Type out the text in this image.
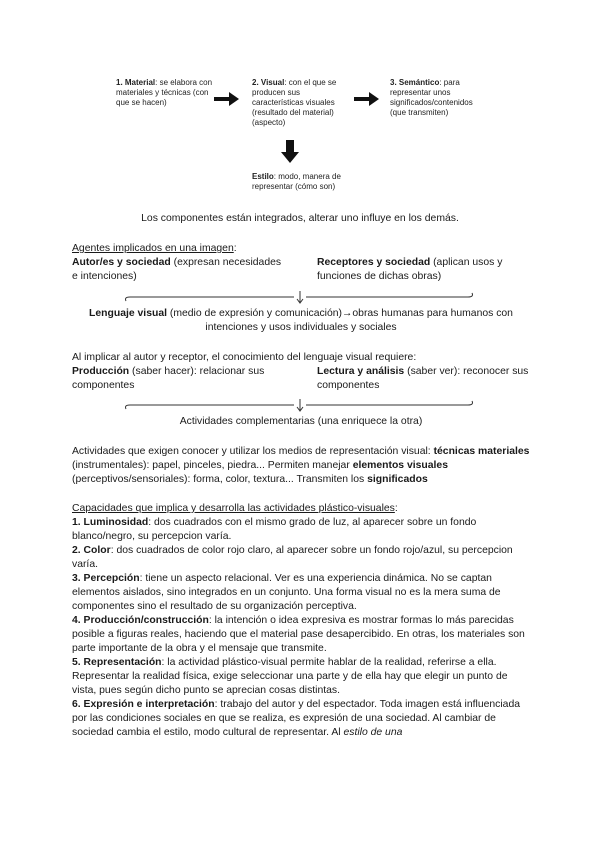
1. Material: se elabora con materiales y técnicas (con que se hacen)
2. Visual: con el que se producen sus características visuales (resultado del material) (aspecto)
3. Semántico: para representar unos significados/contenidos (que transmiten)
Estilo: modo, manera de representar (cómo son)
Los componentes están integrados, alterar uno influye en los demás.
Agentes implicados en una imagen:
Autor/es y sociedad (expresan necesidades e intenciones)
Receptores y sociedad (aplican usos y funciones de dichas obras)
Lenguaje visual (medio de expresión y comunicación)→obras humanas para humanos con intenciones y usos individuales y sociales
Al implicar al autor y receptor, el conocimiento del lenguaje visual requiere:
Producción (saber hacer): relacionar sus componentes
Lectura y análisis (saber ver): reconocer sus componentes
Actividades complementarias (una enriquece la otra)
Actividades que exigen conocer y utilizar los medios de representación visual: técnicas materiales (instrumentales): papel, pinceles, piedra... Permiten manejar elementos visuales (perceptivos/sensoriales): forma, color, textura... Transmiten los significados
Capacidades que implica y desarrolla las actividades plástico-visuales:
1. Luminosidad: dos cuadrados con el mismo grado de luz, al aparecer sobre un fondo blanco/negro, su percepcion varía.
2. Color: dos cuadrados de color rojo claro, al aparecer sobre un fondo rojo/azul, su percepcion varía.
3. Percepción: tiene un aspecto relacional. Ver es una experiencia dinámica. No se captan elementos aislados, sino integrados en un conjunto. Una forma visual no es la mera suma de componentes sino el resultado de su organización perceptiva.
4. Producción/construcción: la intención o idea expresiva es mostrar formas lo más parecidas posible a figuras reales, haciendo que el material pase desapercibido. En otras, los materiales son parte importante de la obra y el mensaje que transmite.
5. Representación: la actividad plástico-visual permite hablar de la realidad, referirse a ella. Representar la realidad física, exige seleccionar una parte y de ella hay que elegir un punto de vista, pues según dicho punto se aprecian cosas distintas.
6. Expresión e interpretación: trabajo del autor y del espectador. Toda imagen está influenciada por las condiciones sociales en que se realiza, es expresión de una sociedad. Al cambiar de sociedad cambia el estilo, modo cultural de representar. Al estilo de una
